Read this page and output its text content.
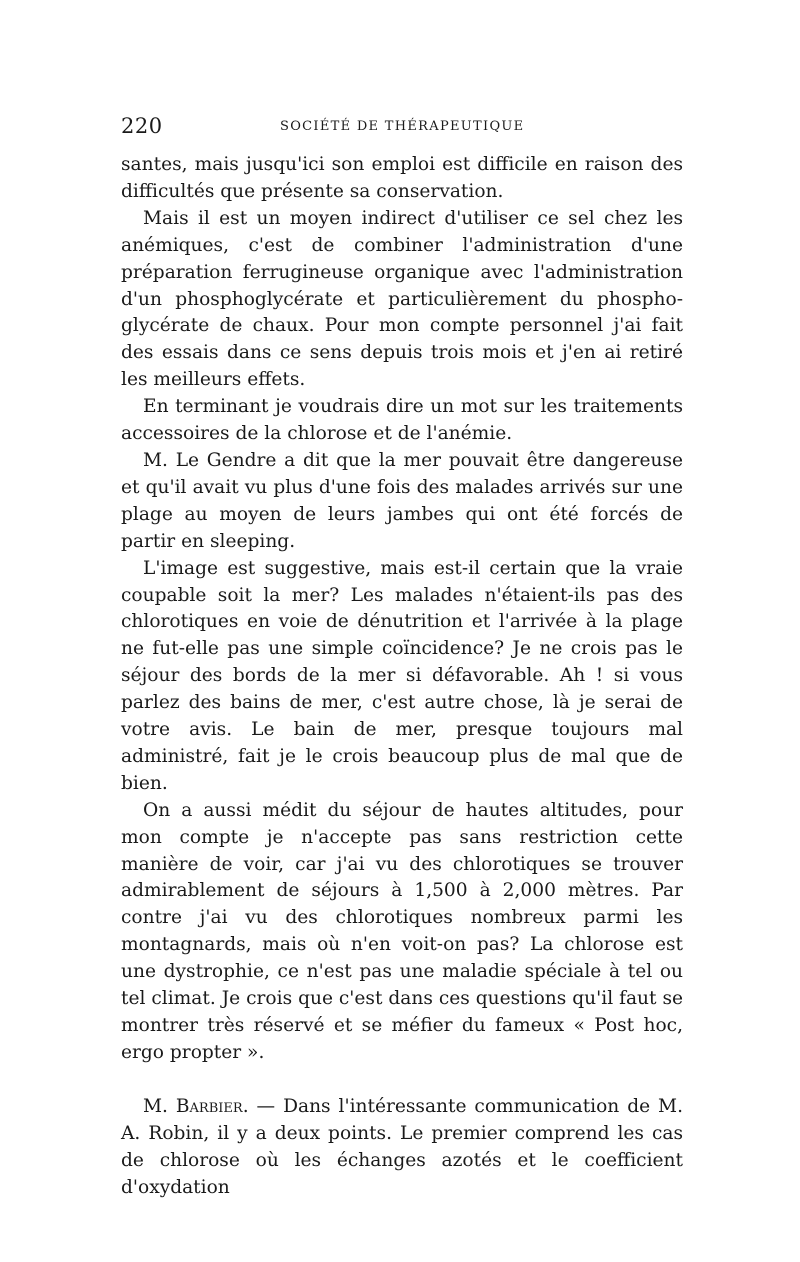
220	SOCIÉTÉ DE THÉRAPEUTIQUE

santes, mais jusqu'ici son emploi est difficile en raison des difficultés que présente sa conservation.

Mais il est un moyen indirect d'utiliser ce sel chez les anémiques, c'est de combiner l'administration d'une préparation ferrugineuse organique avec l'administration d'un phosphoglycérate et particulièrement du phospho-glycérate de chaux. Pour mon compte personnel j'ai fait des essais dans ce sens depuis trois mois et j'en ai retiré les meilleurs effets.

En terminant je voudrais dire un mot sur les traitements accessoires de la chlorose et de l'anémie.

M. Le Gendre a dit que la mer pouvait être dangereuse et qu'il avait vu plus d'une fois des malades arrivés sur une plage au moyen de leurs jambes qui ont été forcés de partir en sleeping.

L'image est suggestive, mais est-il certain que la vraie coupable soit la mer? Les malades n'étaient-ils pas des chlorotiques en voie de dénutrition et l'arrivée à la plage ne fut-elle pas une simple coïncidence? Je ne crois pas le séjour des bords de la mer si défavorable. Ah ! si vous parlez des bains de mer, c'est autre chose, là je serai de votre avis. Le bain de mer, presque toujours mal administré, fait je le crois beaucoup plus de mal que de bien.

On a aussi médit du séjour de hautes altitudes, pour mon compte je n'accepte pas sans restriction cette manière de voir, car j'ai vu des chlorotiques se trouver admirablement de séjours à 1,500 à 2,000 mètres. Par contre j'ai vu des chlorotiques nombreux parmi les montagnards, mais où n'en voit-on pas? La chlorose est une dystrophie, ce n'est pas une maladie spéciale à tel ou tel climat. Je crois que c'est dans ces questions qu'il faut se montrer très réservé et se méfier du fameux « Post hoc, ergo propter ».

M. Barbier. — Dans l'intéressante communication de M. A. Robin, il y a deux points. Le premier comprend les cas de chlorose où les échanges azotés et le coefficient d'oxydation
